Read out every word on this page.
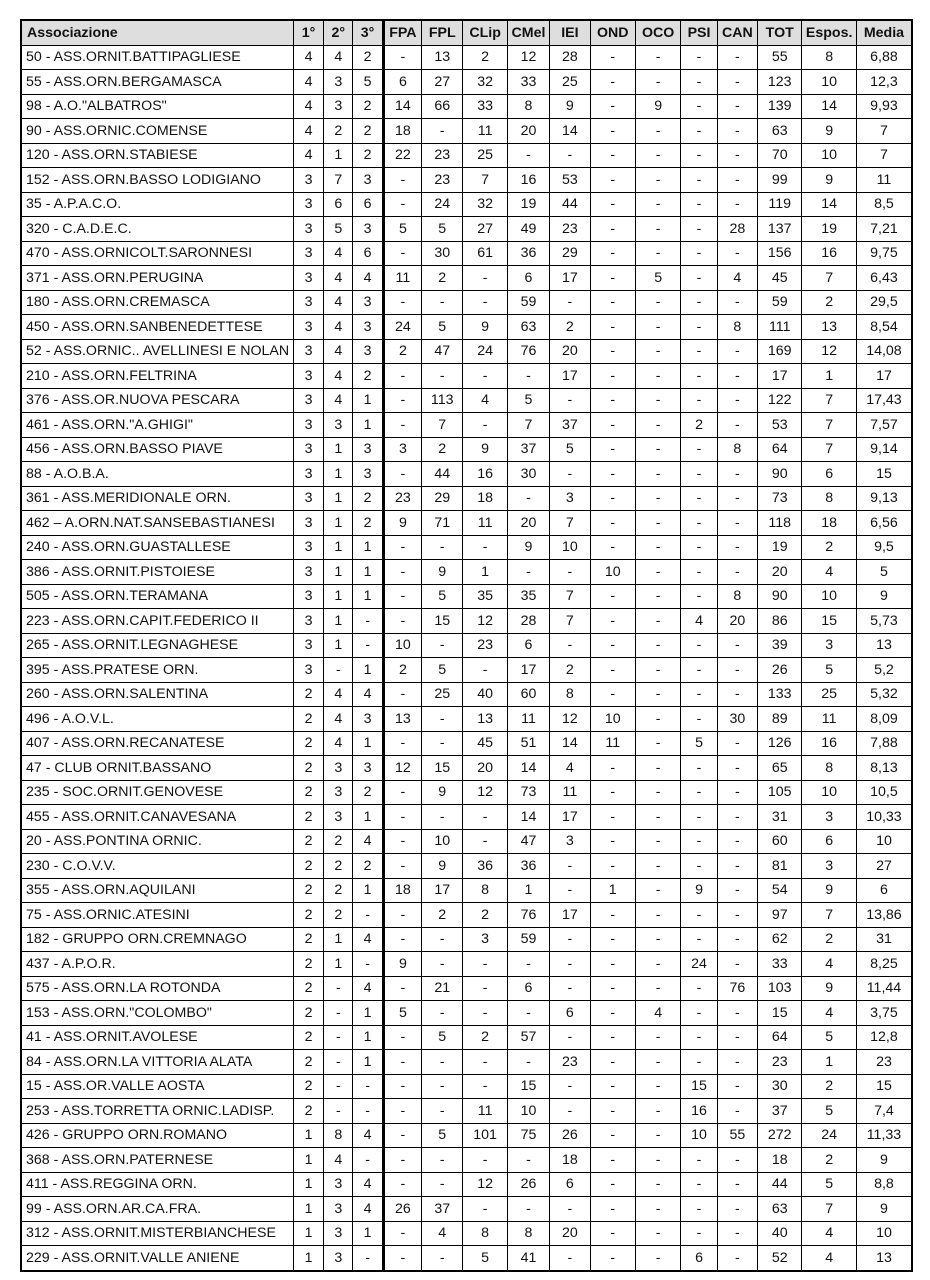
Associazione	1°	2°	3°	FPA	FPL	CLip	CMel	IEI	OND	OCO	PSI	CAN	TOT	Espos.	Media
50 - ASS.ORNIT.BATTIPAGLIESE	4	4	2	-	13	2	12	28	-	-	-	-	55	8	6,88
55 - ASS.ORN.BERGAMASCA	4	3	5	6	27	32	33	25	-	-	-	-	123	10	12,3
98 - A.O."ALBATROS"	4	3	2	14	66	33	8	9	-	9	-	-	139	14	9,93
90 - ASS.ORNIC.COMENSE	4	2	2	18	-	11	20	14	-	-	-	-	63	9	7
120 - ASS.ORN.STABIESE	4	1	2	22	23	25	-	-	-	-	-	-	70	10	7
152 - ASS.ORN.BASSO LODIGIANO	3	7	3	-	23	7	16	53	-	-	-	-	99	9	11
35 - A.P.A.C.O.	3	6	6	-	24	32	19	44	-	-	-	-	119	14	8,5
320 - C.A.D.E.C.	3	5	3	5	5	27	49	23	-	-	-	28	137	19	7,21
470 - ASS.ORNICOLT.SARONNESI	3	4	6	-	30	61	36	29	-	-	-	-	156	16	9,75
371 - ASS.ORN.PERUGINA	3	4	4	11	2	-	6	17	-	5	-	4	45	7	6,43
180 - ASS.ORN.CREMASCA	3	4	3	-	-	-	59	-	-	-	-	-	59	2	29,5
450 - ASS.ORN.SANBENEDETTESE	3	4	3	24	5	9	63	2	-	-	-	8	111	13	8,54
52 - ASS.ORNIC.. AVELLINESI E NOLAN	3	4	3	2	47	24	76	20	-	-	-	-	169	12	14,08
210 - ASS.ORN.FELTRINA	3	4	2	-	-	-	-	17	-	-	-	-	17	1	17
376 - ASS.OR.NUOVA PESCARA	3	4	1	-	113	4	5	-	-	-	-	-	122	7	17,43
461 - ASS.ORN."A.GHIGI"	3	3	1	-	7	-	7	37	-	-	2	-	53	7	7,57
456 - ASS.ORN.BASSO PIAVE	3	1	3	3	2	9	37	5	-	-	-	8	64	7	9,14
88 - A.O.B.A.	3	1	3	-	44	16	30	-	-	-	-	-	90	6	15
361 - ASS.MERIDIONALE ORN.	3	1	2	23	29	18	-	3	-	-	-	-	73	8	9,13
462 – A.ORN.NAT.SANSEBASTIANESI	3	1	2	9	71	11	20	7	-	-	-	-	118	18	6,56
240 - ASS.ORN.GUASTALLESE	3	1	1	-	-	-	9	10	-	-	-	-	19	2	9,5
386 - ASS.ORNIT.PISTOIESE	3	1	1	-	9	1	-	-	10	-	-	-	20	4	5
505 - ASS.ORN.TERAMANA	3	1	1	-	5	35	35	7	-	-	-	8	90	10	9
223 - ASS.ORN.CAPIT.FEDERICO II	3	1	-	-	15	12	28	7	-	-	4	20	86	15	5,73
265 - ASS.ORNIT.LEGNAGHESE	3	1	-	10	-	23	6	-	-	-	-	-	39	3	13
395 - ASS.PRATESE ORN.	3	-	1	2	5	-	17	2	-	-	-	-	26	5	5,2
260 - ASS.ORN.SALENTINA	2	4	4	-	25	40	60	8	-	-	-	-	133	25	5,32
496 - A.O.V.L.	2	4	3	13	-	13	11	12	10	-	-	30	89	11	8,09
407 - ASS.ORN.RECANATESE	2	4	1	-	-	45	51	14	11	-	5	-	126	16	7,88
47 - CLUB ORNIT.BASSANO	2	3	3	12	15	20	14	4	-	-	-	-	65	8	8,13
235 - SOC.ORNIT.GENOVESE	2	3	2	-	9	12	73	11	-	-	-	-	105	10	10,5
455 - ASS.ORNIT.CANAVESANA	2	3	1	-	-	-	14	17	-	-	-	-	31	3	10,33
20 - ASS.PONTINA ORNIC.	2	2	4	-	10	-	47	3	-	-	-	-	60	6	10
230 - C.O.V.V.	2	2	2	-	9	36	36	-	-	-	-	-	81	3	27
355 - ASS.ORN.AQUILANI	2	2	1	18	17	8	1	-	1	-	9	-	54	9	6
75 - ASS.ORNIC.ATESINI	2	2	-	-	2	2	76	17	-	-	-	-	97	7	13,86
182 - GRUPPO ORN.CREMNAGO	2	1	4	-	-	3	59	-	-	-	-	-	62	2	31
437 - A.P.O.R.	2	1	-	9	-	-	-	-	-	-	24	-	33	4	8,25
575 - ASS.ORN.LA ROTONDA	2	-	4	-	21	-	6	-	-	-	-	76	103	9	11,44
153 - ASS.ORN."COLOMBO"	2	-	1	5	-	-	-	6	-	4	-	-	15	4	3,75
41 - ASS.ORNIT.AVOLESE	2	-	1	-	5	2	57	-	-	-	-	-	64	5	12,8
84 - ASS.ORN.LA VITTORIA ALATA	2	-	1	-	-	-	-	23	-	-	-	-	23	1	23
15 - ASS.OR.VALLE AOSTA	2	-	-	-	-	-	15	-	-	-	15	-	30	2	15
253 - ASS.TORRETTA ORNIC.LADISP.	2	-	-	-	-	11	10	-	-	-	16	-	37	5	7,4
426 - GRUPPO ORN.ROMANO	1	8	4	-	5	101	75	26	-	-	10	55	272	24	11,33
368 - ASS.ORN.PATERNESE	1	4	-	-	-	-	-	18	-	-	-	-	18	2	9
411 - ASS.REGGINA ORN.	1	3	4	-	-	12	26	6	-	-	-	-	44	5	8,8
99 - ASS.ORN.AR.CA.FRA.	1	3	4	26	37	-	-	-	-	-	-	-	63	7	9
312 - ASS.ORNIT.MISTERBIANCHESE	1	3	1	-	4	8	8	20	-	-	-	-	40	4	10
229 - ASS.ORNIT.VALLE ANIENE	1	3	-	-	-	5	41	-	-	-	6	-	52	4	13
